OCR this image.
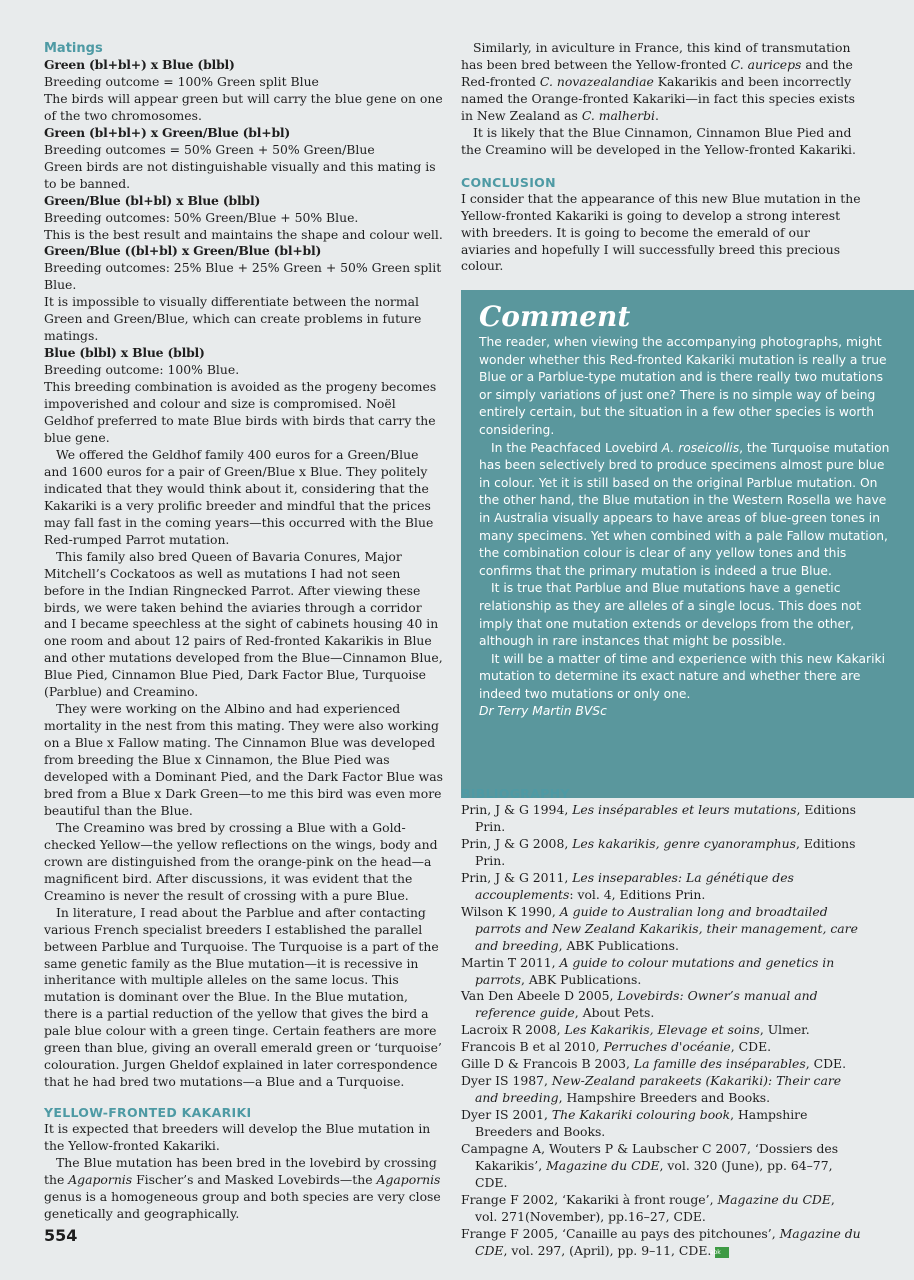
Matings

Green (bl+bl+) x Blue (blbl)

Breeding outcome = 100% Green split Blue

The birds will appear green but will carry the blue gene on one of the two chromosomes.

Green (bl+bl+) x Green/Blue (bl+bl)

Breeding outcomes = 50% Green + 50% Green/Blue

Green birds are not distinguishable visually and this mating is to be banned.

Green/Blue (bl+bl) x Blue (blbl)

Breeding outcomes: 50% Green/Blue + 50% Blue.

This is the best result and maintains the shape and colour well.

Green/Blue ((bl+bl) x Green/Blue (bl+bl)

Breeding outcomes: 25% Blue + 25% Green + 50% Green split Blue.

It is impossible to visually differentiate between the normal Green and Green/Blue, which can create problems in future matings.

Blue (blbl) x Blue (blbl)

Breeding outcome: 100% Blue.

This breeding combination is avoided as the progeny becomes impoverished and colour and size is compromised. Noël Geldhof preferred to mate Blue birds with birds that carry the blue gene.

We offered the Geldhof family 400 euros for a Green/Blue and 1600 euros for a pair of Green/Blue x Blue. They politely indicated that they would think about it, considering that the Kakariki is a very prolific breeder and mindful that the prices may fall fast in the coming years—this occurred with the Blue Red-rumped Parrot mutation.

This family also bred Queen of Bavaria Conures, Major Mitchell’s Cockatoos as well as mutations I had not seen before in the Indian Ringnecked Parrot. After viewing these birds, we were taken behind the aviaries through a corridor and I became speechless at the sight of cabinets housing 40 in one room and about 12 pairs of Red-fronted Kakarikis in Blue and other mutations developed from the Blue—Cinnamon Blue, Blue Pied, Cinnamon Blue Pied, Dark Factor Blue, Turquoise (Parblue) and Creamino.

They were working on the Albino and had experienced mortality in the nest from this mating. They were also working on a Blue x Fallow mating. The Cinnamon Blue was developed from breeding the Blue x Cinnamon, the Blue Pied was developed with a Dominant Pied, and the Dark Factor Blue was bred from a Blue x Dark Green—to me this bird was even more beautiful than the Blue.

The Creamino was bred by crossing a Blue with a Gold-checked Yellow—the yellow reflections on the wings, body and crown are distinguished from the orange-pink on the head—a magnificent bird. After discussions, it was evident that the Creamino is never the result of crossing with a pure Blue.

In literature, I read about the Parblue and after contacting various French specialist breeders I established the parallel between Parblue and Turquoise. The Turquoise is a part of the same genetic family as the Blue mutation—it is recessive in inheritance with multiple alleles on the same locus. This mutation is dominant over the Blue. In the Blue mutation, there is a partial reduction of the yellow that gives the bird a pale blue colour with a green tinge. Certain feathers are more green than blue, giving an overall emerald green or ‘turquoise’ colouration. Jurgen Gheldof explained in later correspondence that he had bred two mutations—a Blue and a Turquoise.

YELLOW-FRONTED KAKARIKI

It is expected that breeders will develop the Blue mutation in the Yellow-fronted Kakariki.

The Blue mutation has been bred in the lovebird by crossing the Agapornis Fischer’s and Masked Lovebirds—the Agapornis genus is a homogeneous group and both species are very close genetically and geographically.

Similarly, in aviculture in France, this kind of transmutation has been bred between the Yellow-fronted C. auriceps and the Red-fronted C. novazealandiae Kakarikis and been incorrectly named the Orange-fronted Kakariki—in fact this species exists in New Zealand as C. malherbi.

It is likely that the Blue Cinnamon, Cinnamon Blue Pied and the Creamino will be developed in the Yellow-fronted Kakariki.

CONCLUSION

I consider that the appearance of this new Blue mutation in the Yellow-fronted Kakariki is going to develop a strong interest with breeders. It is going to become the emerald of our aviaries and hopefully I will successfully breed this precious colour.

Comment

The reader, when viewing the accompanying photographs, might wonder whether this Red-fronted Kakariki mutation is really a true Blue or a Parblue-type mutation and is there really two mutations or simply variations of just one? There is no simple way of being entirely certain, but the situation in a few other species is worth considering.

In the Peachfaced Lovebird A. roseicollis, the Turquoise mutation has been selectively bred to produce specimens almost pure blue in colour. Yet it is still based on the original Parblue mutation. On the other hand, the Blue mutation in the Western Rosella we have in Australia visually appears to have areas of blue-green tones in many specimens. Yet when combined with a pale Fallow mutation, the combination colour is clear of any yellow tones and this confirms that the primary mutation is indeed a true Blue.

It is true that Parblue and Blue mutations have a genetic relationship as they are alleles of a single locus. This does not imply that one mutation extends or develops from the other, although in rare instances that might be possible.

It will be a matter of time and experience with this new Kakariki mutation to determine its exact nature and whether there are indeed two mutations or only one.

Dr Terry Martin BVSc

BIBLIOGRAPHY

Prin, J & G 1994, Les inséparables et leurs mutations, Editions Prin.

Prin, J & G 2008, Les kakarikis, genre cyanoramphus, Editions Prin.

Prin, J & G 2011, Les inseparables: La génétique des accouplements: vol. 4, Editions Prin.

Wilson K 1990, A guide to Australian long and broadtailed parrots and New Zealand Kakarikis, their management, care and breeding, ABK Publications.

Martin T 2011, A guide to colour mutations and genetics in parrots, ABK Publications.

Van Den Abeele D 2005, Lovebirds: Owner’s manual and reference guide, About Pets.

Lacroix R 2008, Les Kakarikis, Elevage et soins, Ulmer.

Francois B et al 2010, Perruches d'océanie, CDE.

Gille D & Francois B 2003, La famille des inséparables, CDE.

Dyer IS 1987, New-Zealand parakeets (Kakariki): Their care and breeding, Hampshire Breeders and Books.

Dyer IS 2001, The Kakariki colouring book, Hampshire Breeders and Books.

Campagne A, Wouters P & Laubscher C 2007, ‘Dossiers des Kakarikis’, Magazine du CDE, vol. 320 (June), pp. 64–77, CDE.

Frange F 2002, ‘Kakariki à front rouge’, Magazine du CDE, vol. 271(November), pp.16–27, CDE.

Frange F 2005, ‘Canaille au pays des pitchounes’, Magazine du CDE, vol. 297, (April), pp. 9–11, CDE. abk

554
